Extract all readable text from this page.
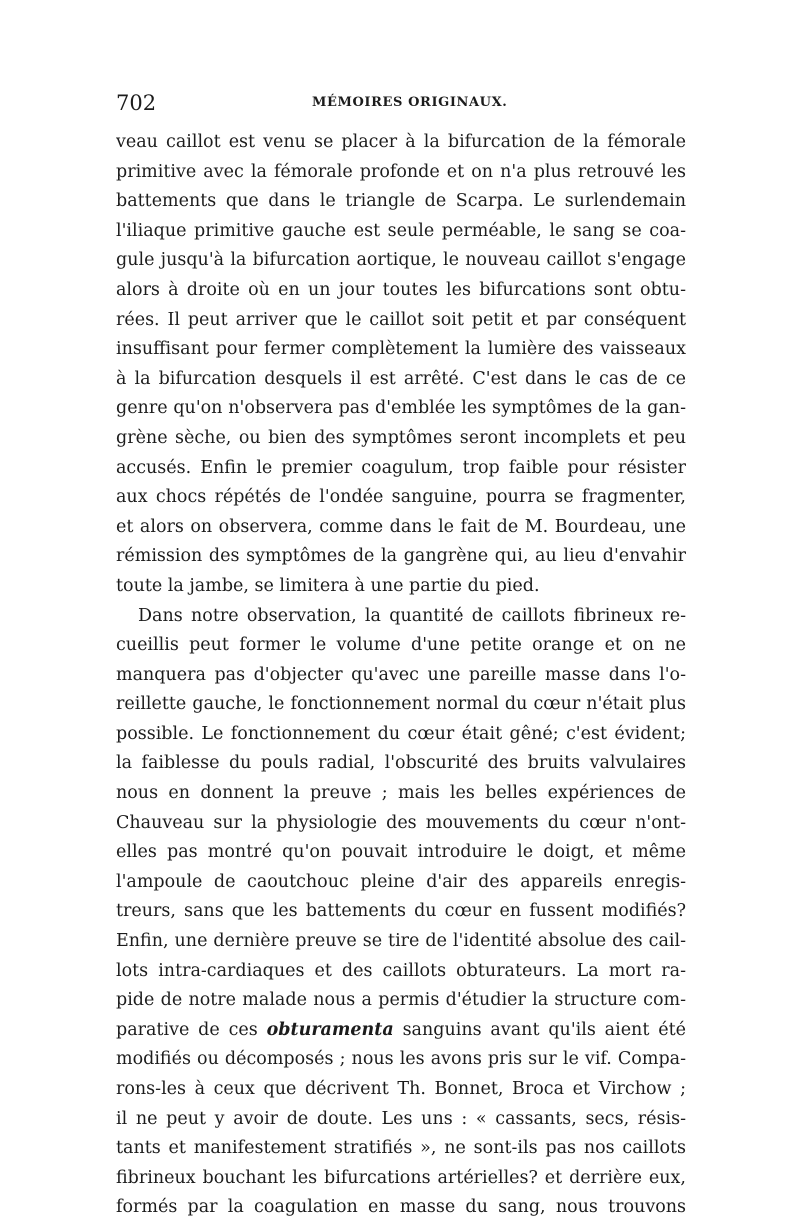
702	MÉMOIRES ORIGINAUX.
veau caillot est venu se placer à la bifurcation de la fémorale
primitive avec la fémorale profonde et on n'a plus retrouvé les
battements que dans le triangle de Scarpa. Le surlendemain
l'iliaque primitive gauche est seule perméable, le sang se coa-
gule jusqu'à la bifurcation aortique, le nouveau caillot s'engage
alors à droite où en un jour toutes les bifurcations sont obtu-
rées. Il peut arriver que le caillot soit petit et par conséquent
insuffisant pour fermer complètement la lumière des vaisseaux
à la bifurcation desquels il est arrêté. C'est dans le cas de ce
genre qu'on n'observera pas d'emblée les symptômes de la gan-
grène sèche, ou bien des symptômes seront incomplets et peu
accusés. Enfin le premier coagulum, trop faible pour résister
aux chocs répétés de l'ondée sanguine, pourra se fragmenter,
et alors on observera, comme dans le fait de M. Bourdeau, une
rémission des symptômes de la gangrène qui, au lieu d'envahir
toute la jambe, se limitera à une partie du pied.
Dans notre observation, la quantité de caillots fibrineux re-
cueillis peut former le volume d'une petite orange et on ne
manquera pas d'objecter qu'avec une pareille masse dans l'o-
reillette gauche, le fonctionnement normal du cœur n'était plus
possible. Le fonctionnement du cœur était gêné; c'est évident;
la faiblesse du pouls radial, l'obscurité des bruits valvulaires
nous en donnent la preuve ; mais les belles expériences de
Chauveau sur la physiologie des mouvements du cœur n'ont-
elles pas montré qu'on pouvait introduire le doigt, et même
l'ampoule de caoutchouc pleine d'air des appareils enregis-
treurs, sans que les battements du cœur en fussent modifiés?
Enfin, une dernière preuve se tire de l'identité absolue des cail-
lots intra-cardiaques et des caillots obturateurs. La mort ra-
pide de notre malade nous a permis d'étudier la structure com-
parative de ces obturamenta sanguins avant qu'ils aient été
modifiés ou décomposés ; nous les avons pris sur le vif. Compa-
rons-les à ceux que décrivent Th. Bonnet, Broca et Virchow ;
il ne peut y avoir de doute. Les uns : « cassants, secs, résis-
tants et manifestement stratifiés », ne sont-ils pas nos caillots
fibrineux bouchant les bifurcations artérielles? et derrière eux,
formés par la coagulation en masse du sang, nous trouvons
